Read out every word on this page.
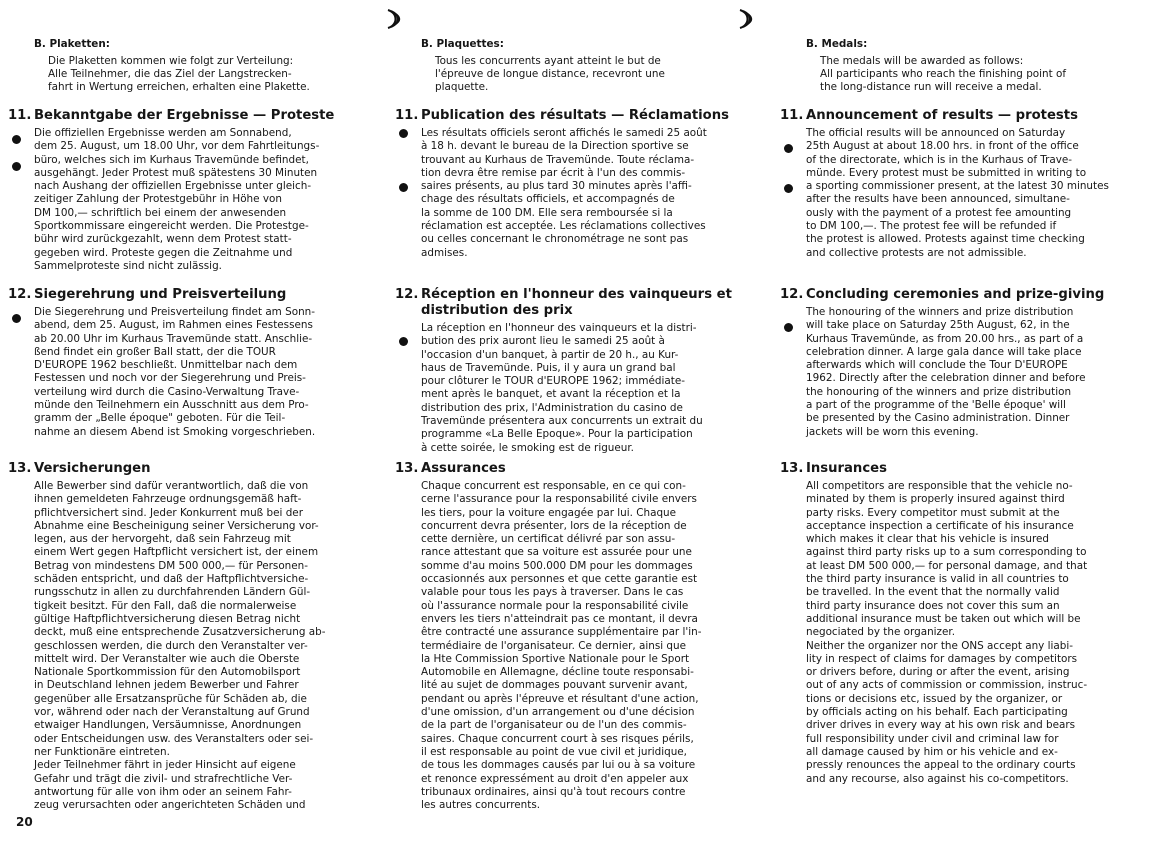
B. Plaketten:

Die Plaketten kommen wie folgt zur Verteilung:
Alle Teilnehmer, die das Ziel der Langstrecken-
fahrt in Wertung erreichen, erhalten eine Plakette.

11. Bekanntgabe der Ergebnisse — Proteste

Die offiziellen Ergebnisse werden am Sonnabend,
dem 25. August, um 18.00 Uhr, vor dem Fahrtleitungs-
büro, welches sich im Kurhaus Travemünde befindet,
ausgehängt. Jeder Protest muß spätestens 30 Minuten
nach Aushang der offiziellen Ergebnisse unter gleich-
zeitiger Zahlung der Protestgebühr in Höhe von
DM 100,— schriftlich bei einem der anwesenden
Sportkommissare eingereicht werden. Die Protestge-
bühr wird zurückgezahlt, wenn dem Protest statt-
gegeben wird. Proteste gegen die Zeitnahme und
Sammelproteste sind nicht zulässig.

12. Siegerehrung und Preisverteilung

Die Siegerehrung und Preisverteilung findet am Sonn-
abend, dem 25. August, im Rahmen eines Festessens
ab 20.00 Uhr im Kurhaus Travemünde statt. Anschlie-
ßend findet ein großer Ball statt, der die TOUR
D'EUROPE 1962 beschließt. Unmittelbar nach dem
Festessen und noch vor der Siegerehrung und Preis-
verteilung wird durch die Casino-Verwaltung Trave-
münde den Teilnehmern ein Ausschnitt aus dem Pro-
gramm der „Belle époque" geboten. Für die Teil-
nahme an diesem Abend ist Smoking vorgeschrieben.

13. Versicherungen

Alle Bewerber sind dafür verantwortlich, daß die von
ihnen gemeldeten Fahrzeuge ordnungsgemäß haft-
pflichtversichert sind. Jeder Konkurrent muß bei der
Abnahme eine Bescheinigung seiner Versicherung vor-
legen, aus der hervorgeht, daß sein Fahrzeug mit
einem Wert gegen Haftpflicht versichert ist, der einem
Betrag von mindestens DM 500 000,— für Personen-
schäden entspricht, und daß der Haftpflichtversiche-
rungsschutz in allen zu durchfahrenden Ländern Gül-
tigkeit besitzt. Für den Fall, daß die normalerweise
gültige Haftpflichtversicherung diesen Betrag nicht
deckt, muß eine entsprechende Zusatzversicherung ab-
geschlossen werden, die durch den Veranstalter ver-
mittelt wird. Der Veranstalter wie auch die Oberste
Nationale Sportkommission für den Automobilsport
in Deutschland lehnen jedem Bewerber und Fahrer
gegenüber alle Ersatzansprüche für Schäden ab, die
vor, während oder nach der Veranstaltung auf Grund
etwaiger Handlungen, Versäumnisse, Anordnungen
oder Entscheidungen usw. des Veranstalters oder sei-
ner Funktionäre eintreten.
Jeder Teilnehmer fährt in jeder Hinsicht auf eigene
Gefahr und trägt die zivil- und strafrechtliche Ver-
antwortung für alle von ihm oder an seinem Fahr-
zeug verursachten oder angerichteten Schäden und

20

B. Plaquettes:

Tous les concurrents ayant atteint le but de
l'épreuve de longue distance, recevront une
plaquette.

11. Publication des résultats — Réclamations

Les résultats officiels seront affichés le samedi 25 août
à 18 h. devant le bureau de la Direction sportive se
trouvant au Kurhaus de Travemünde. Toute réclama-
tion devra être remise par écrit à l'un des commis-
saires présents, au plus tard 30 minutes après l'affi-
chage des résultats officiels, et accompagnés de
la somme de 100 DM. Elle sera remboursée si la
réclamation est acceptée. Les réclamations collectives
ou celles concernant le chronométrage ne sont pas
admises.

12. Réception en l'honneur des vainqueurs et distribution des prix

La réception en l'honneur des vainqueurs et la distri-
bution des prix auront lieu le samedi 25 août à
l'occasion d'un banquet, à partir de 20 h., au Kur-
haus de Travemünde. Puis, il y aura un grand bal
pour clôturer le TOUR d'EUROPE 1962; immédiate-
ment après le banquet, et avant la réception et la
distribution des prix, l'Administration du casino de
Travemünde présentera aux concurrents un extrait du
programme «La Belle Epoque». Pour la participation
à cette soirée, le smoking est de rigueur.

13. Assurances

Chaque concurrent est responsable, en ce qui con-
cerne l'assurance pour la responsabilité civile envers
les tiers, pour la voiture engagée par lui. Chaque
concurrent devra présenter, lors de la réception de
cette dernière, un certificat délivré par son assu-
rance attestant que sa voiture est assurée pour une
somme d'au moins 500.000 DM pour les dommages
occasionnés aux personnes et que cette garantie est
valable pour tous les pays à traverser. Dans le cas
où l'assurance normale pour la responsabilité civile
envers les tiers n'atteindrait pas ce montant, il devra
être contracté une assurance supplémentaire par l'in-
termédiaire de l'organisateur. Ce dernier, ainsi que
la Hte Commission Sportive Nationale pour le Sport
Automobile en Allemagne, décline toute responsabi-
lité au sujet de dommages pouvant survenir avant,
pendant ou après l'épreuve et résultant d'une action,
d'une omission, d'un arrangement ou d'une décision
de la part de l'organisateur ou de l'un des commis-
saires. Chaque concurrent court à ses risques périls,
il est responsable au point de vue civil et juridique,
de tous les dommages causés par lui ou à sa voiture
et renonce expressément au droit d'en appeler aux
tribunaux ordinaires, ainsi qu'à tout recours contre
les autres concurrents.

B. Medals:

The medals will be awarded as follows:
All participants who reach the finishing point of
the long-distance run will receive a medal.

11. Announcement of results — protests

The official results will be announced on Saturday
25th August at about 18.00 hrs. in front of the office
of the directorate, which is in the Kurhaus of Trave-
münde. Every protest must be submitted in writing to
a sporting commissioner present, at the latest 30 minutes
after the results have been announced, simultane-
ously with the payment of a protest fee amounting
to DM 100,—. The protest fee will be refunded if
the protest is allowed. Protests against time checking
and collective protests are not admissible.

12. Concluding ceremonies and prize-giving

The honouring of the winners and prize distribution
will take place on Saturday 25th August, 62, in the
Kurhaus Travemünde, as from 20.00 hrs., as part of a
celebration dinner. A large gala dance will take place
afterwards which will conclude the Tour D'EUROPE
1962. Directly after the celebration dinner and before
the honouring of the winners and prize distribution
a part of the programme of the 'Belle époque' will
be presented by the Casino administration. Dinner
jackets will be worn this evening.

13. Insurances

All competitors are responsible that the vehicle no-
minated by them is properly insured against third
party risks. Every competitor must submit at the
acceptance inspection a certificate of his insurance
which makes it clear that his vehicle is insured
against third party risks up to a sum corresponding to
at least DM 500 000,— for personal damage, and that
the third party insurance is valid in all countries to
be travelled. In the event that the normally valid
third party insurance does not cover this sum an
additional insurance must be taken out which will be
negociated by the organizer.
Neither the organizer nor the ONS accept any liabi-
lity in respect of claims for damages by competitors
or drivers before, during or after the event, arising
out of any acts of commission or commission, instruc-
tions or decisions etc, issued by the organizer, or
by officials acting on his behalf. Each participating
driver drives in every way at his own risk and bears
full responsibility under civil and criminal law for
all damage caused by him or his vehicle and ex-
pressly renounces the appeal to the ordinary courts
and any recourse, also against his co-competitors.
